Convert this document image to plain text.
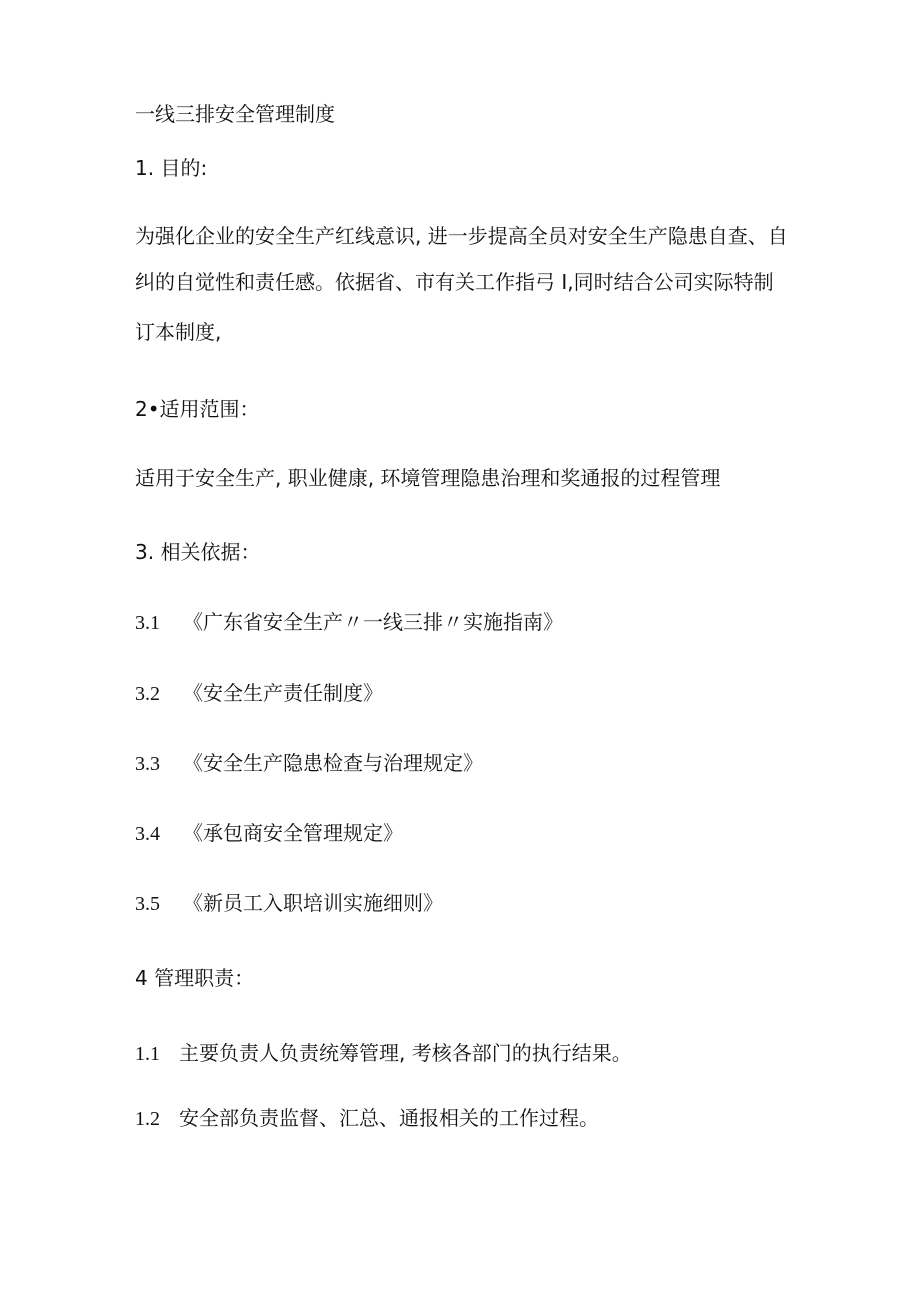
一线三排安全管理制度
1. 目的:
为强化企业的安全生产红线意识, 进一步提高全员对安全生产隐患自查、自
纠的自觉性和责任感。依据省、市有关工作指弓 I,同时结合公司实际特制
订本制度,
2•适用范围：
适用于安全生产, 职业健康, 环境管理隐患治理和奖通报的过程管理
3. 相关依据：
3.1 《广东省安全生产〃一线三排〃实施指南》
3.2 《安全生产责任制度》
3.3 《安全生产隐患检查与治理规定》
3.4 《承包商安全管理规定》
3.5 《新员工入职培训实施细则》
4 管理职责：
1.1 主要负责人负责统筹管理, 考核各部门的执行结果。
1.2 安全部负责监督、汇总、通报相关的工作过程。
